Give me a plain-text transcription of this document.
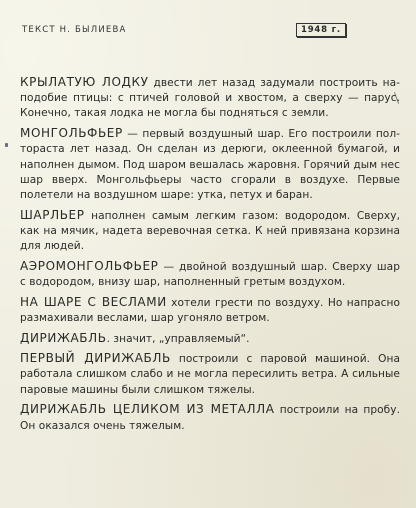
ТЕКСТ Н. БЫЛИЕВА	1948 г.

КРЫЛАТУЮ ЛОДКУ двести лет назад задумали построить наподобие птицы: с птичей головой и хвостом, а сверху — парус. Конечно, такая лодка не могла бы подняться с земли.

МОНГОЛЬФЬЕР — первый воздушный шар. Его построили полтораста лет назад. Он сделан из дерюги, оклеенной бумагой, и наполнен дымом. Под шаром вешалась жаровня. Горячий дым нес шар вверх. Монгольфьеры часто сгорали в воздухе. Первые полетели на воздушном шаре: утка, петух и баран.

ШАРЛЬЕР наполнен самым легким газом: водородом. Сверху, как на мячик, надета веревочная сетка. К ней привязана корзина для людей.

АЭРОМОНГОЛЬФЬЕР — двойной воздушный шар. Сверху шар с водородом, внизу шар, наполненный гретым воздухом.

НА ШАРЕ С ВЕСЛАМИ хотели грести по воздуху. Но напрасно размахивали веслами, шар угоняло ветром.

ДИРИЖАБЛЬ. значит, „управляемый“.

ПЕРВЫЙ ДИРИЖАБЛЬ построили с паровой машиной. Она работала слишком слабо и не могла пересилить ветра. А сильные паровые машины были слишком тяжелы.

ДИРИЖАБЛЬ ЦЕЛИКОМ ИЗ МЕТАЛЛА построили на пробу. Он оказался очень тяжелым.
